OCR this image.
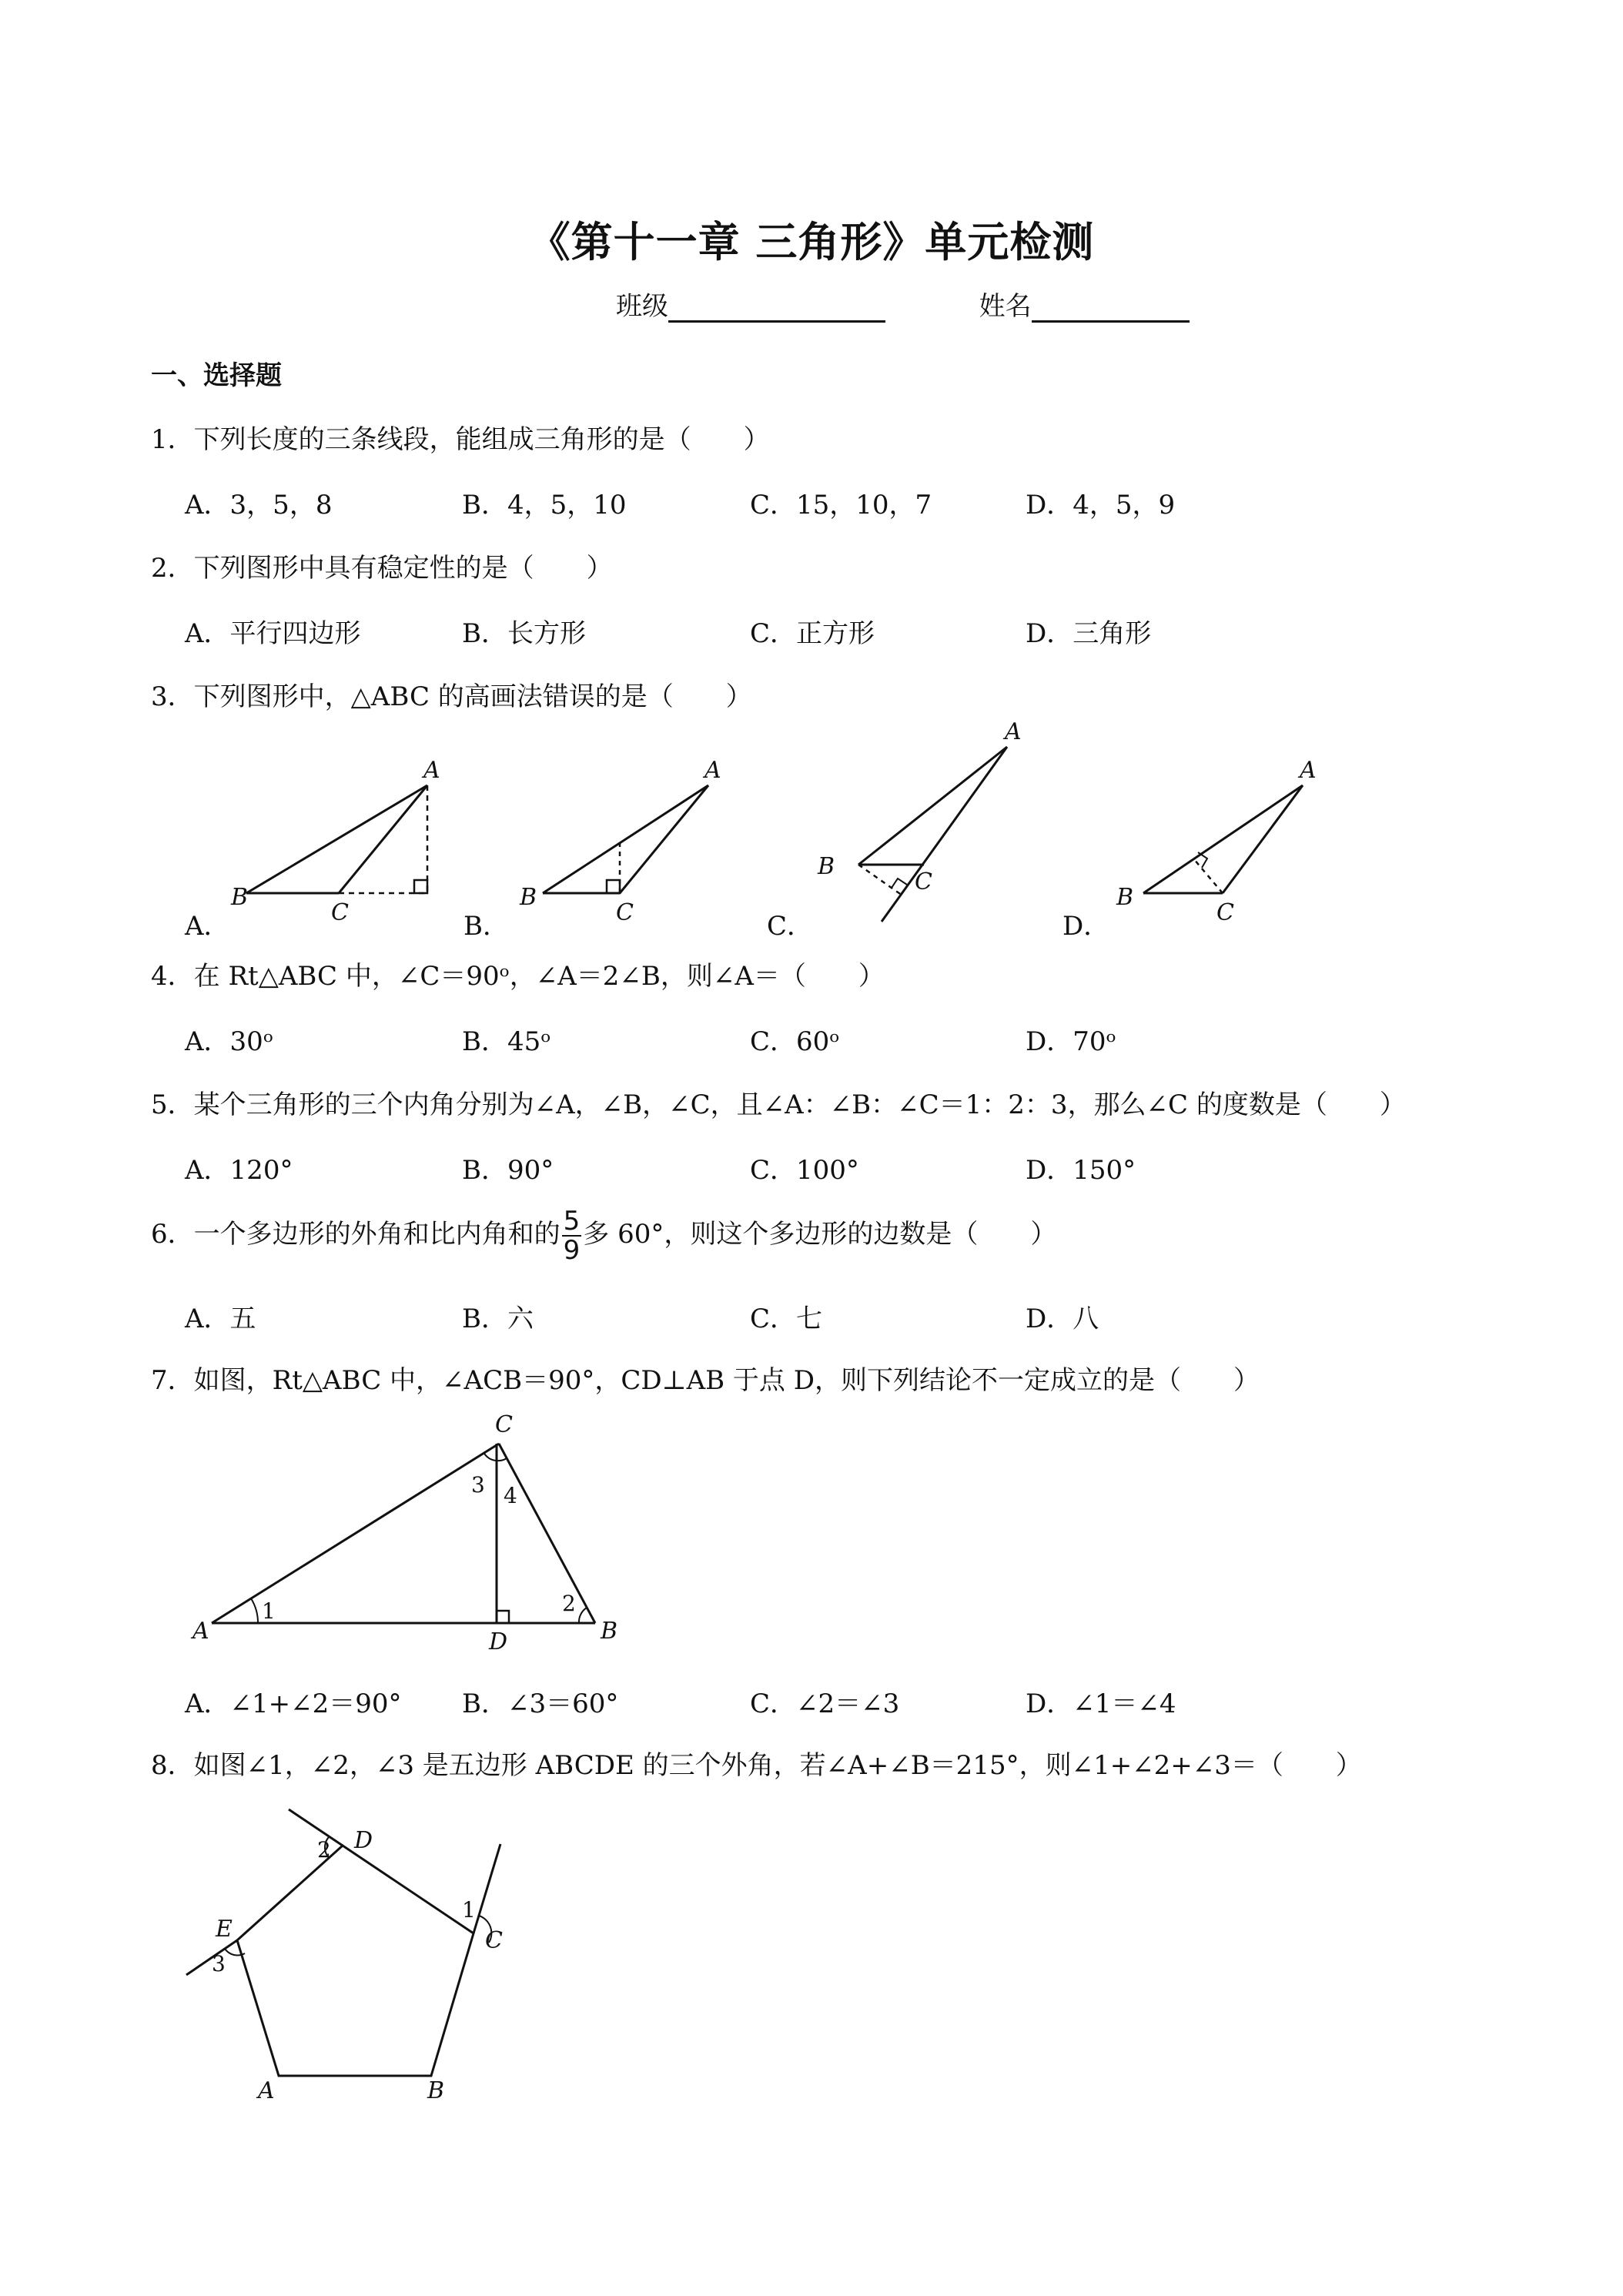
《第十一章 三角形》单元检测
班级	姓名
一、选择题
1．下列长度的三条线段，能组成三角形的是（　　）
A．3，5，8	B．4，5，10	C．15，10，7	D．4，5，9
2．下列图形中具有稳定性的是（　　）
A．平行四边形	B．长方形	C．正方形	D．三角形
3．下列图形中，△ABC 的高画法错误的是（　　）
A．
A
B
C	B．
A
B
C	C．
A
B
C
D．
A
B
C
4．在 Rt△ABC 中，∠C＝90ᵒ，∠A＝2∠B，则∠A＝（　　）
A．30ᵒ	B．45ᵒ	C．60ᵒ	D．70ᵒ
5．某个三角形的三个内角分别为∠A，∠B，∠C，且∠A：∠B：∠C＝1：2：3，那么∠C 的度数是（　　）
A．120°	B．90°	C．100°	D．150°
6．一个多边形的外角和比内角和的 $\frac{5}{9}$ 多 60°，则这个多边形的边数是（　　）
A．五	B．六	C．七	D．八
7．如图，Rt△ABC 中，∠ACB＝90°，CD⊥AB 于点 D，则下列结论不一定成立的是（　　）
C
A	D	B
1	2
3 4
A．∠1+∠2＝90° B．∠3＝60°	C．∠2＝∠3	D．∠1＝∠4
8．如图∠1，∠2，∠3 是五边形 ABCDE 的三个外角，若∠A+∠B＝215°，则∠1+∠2+∠3＝（　　）
D
C
E
A	B
2
1
3
